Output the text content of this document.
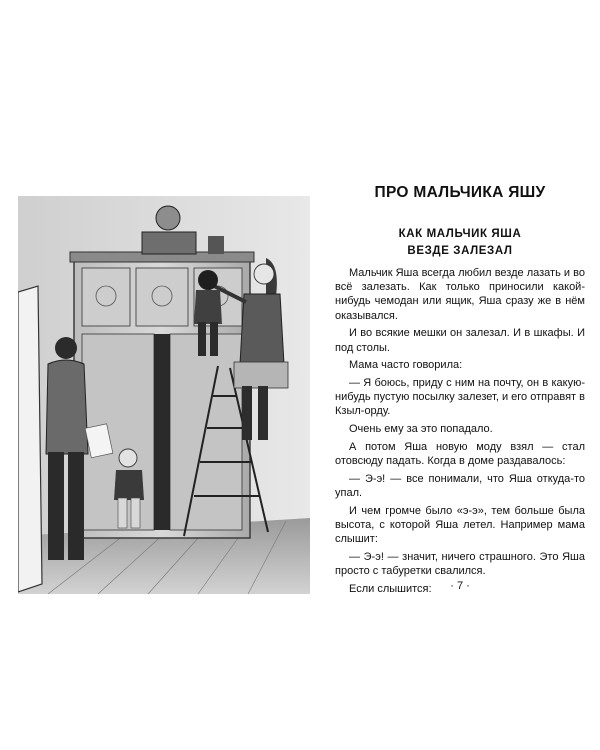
ПРО МАЛЬЧИКА ЯШУ
КАК МАЛЬЧИК ЯША
ВЕЗДЕ ЗАЛЕЗАЛ

Мальчик Яша всегда любил везде лазать и во всё залезать. Как только приносили какой-нибудь чемодан или ящик, Яша сразу же в нём оказывался.

И во всякие мешки он залезал. И в шкафы. И под столы.

Мама часто говорила:

— Я боюсь, приду с ним на почту, он в какую-нибудь пустую посылку залезет, и его отправят в Кзыл-орду.

Очень ему за это попадало.

А потом Яша новую моду взял — стал отовсюду падать. Когда в доме раздавалось:

— Э-э! — все понимали, что Яша откуда-то упал.

И чем громче было «э-э», тем больше была высота, с которой Яша летел. Например мама слышит:

— Э-э! — значит, ничего страшного. Это Яша просто с табуретки свалился.

Если слышится:	· 7 ·
